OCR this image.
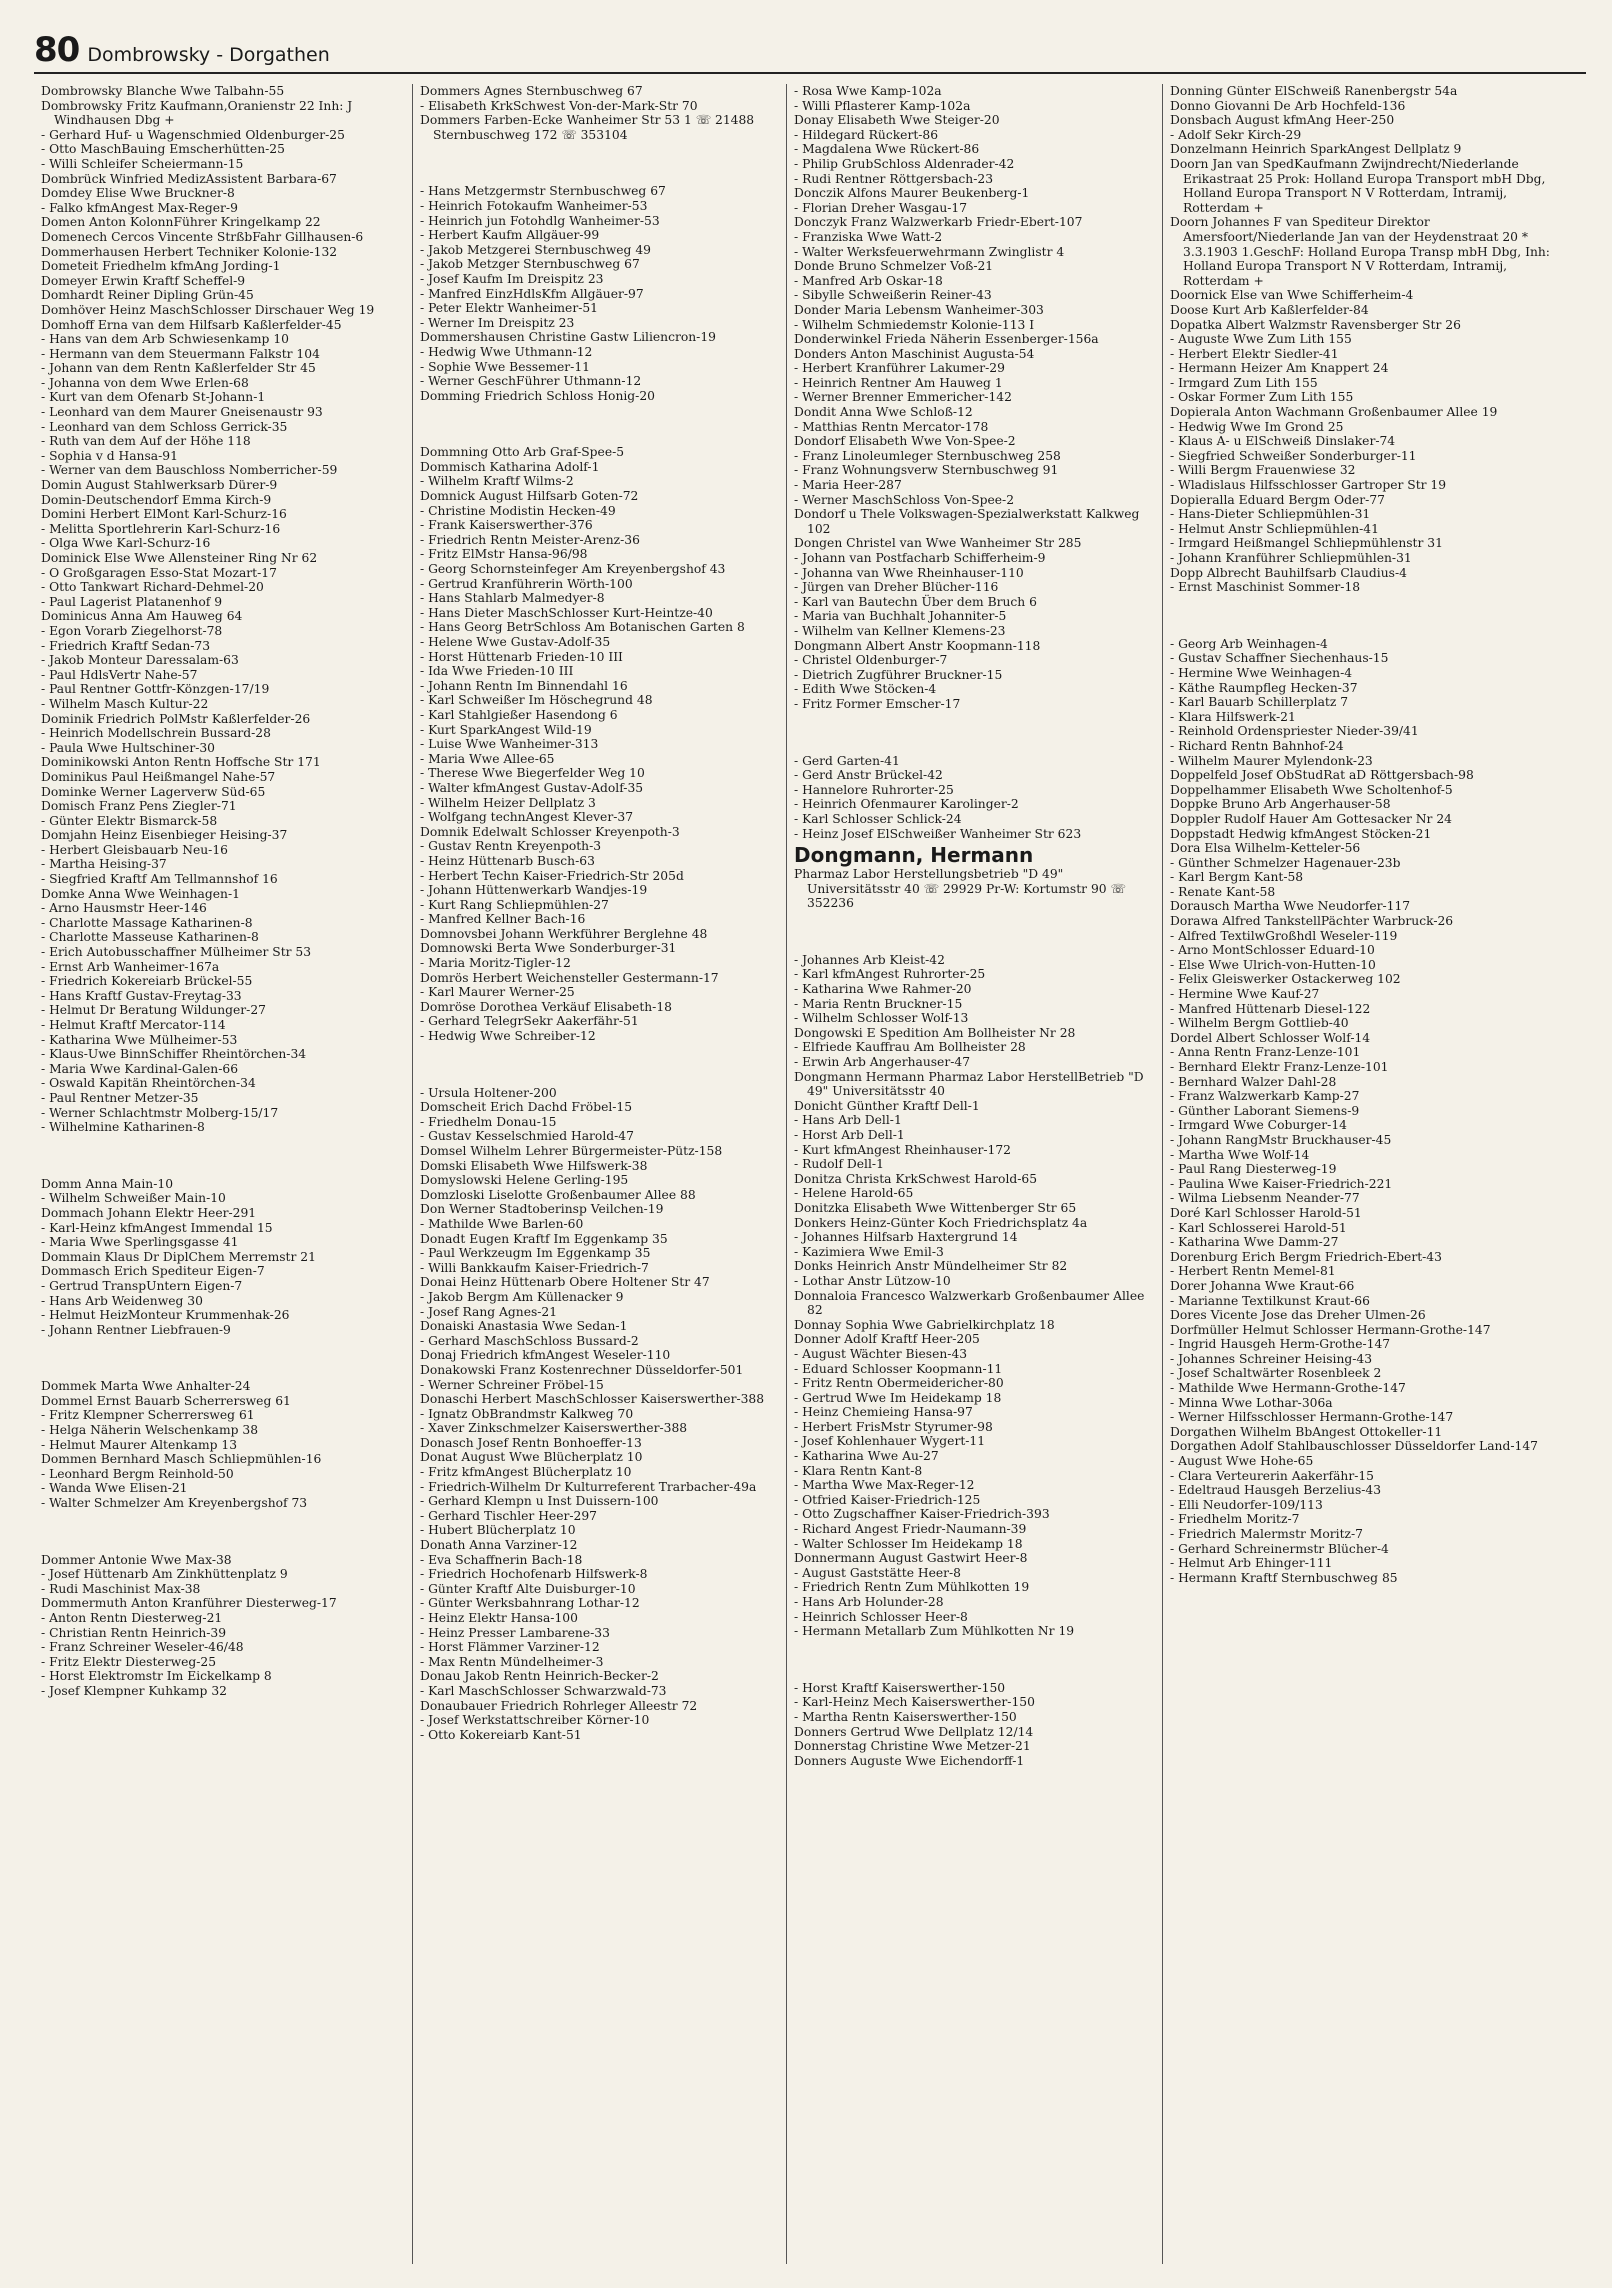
80 Dombrowsky - Dorgathen

Dombrowsky Blanche Wwe Talbahn-55

Dombrowsky Fritz Kaufmann,Oranienstr 22 Inh: J Windhausen Dbg +

- Gerhard Huf- u Wagenschmied Oldenburger-25

- Otto MaschBauing Emscherhütten-25

- Willi Schleifer Scheiermann-15

Dombrück Winfried MedizAssistent Barbara-67

Domdey Elise Wwe Bruckner-8

- Falko kfmAngest Max-Reger-9

Domen Anton KolonnFührer Kringelkamp 22

Domenech Cercos Vincente StrßbFahr Gillhausen-6

Dommerhausen Herbert Techniker Kolonie-132

Dometeit Friedhelm kfmAng Jording-1

Domeyer Erwin Kraftf Scheffel-9

Domhardt Reiner Dipling Grün-45

Domhöver Heinz MaschSchlosser Dirschauer Weg 19

Domhoff Erna van dem Hilfsarb Kaßlerfelder-45

- Hans van dem Arb Schwiesenkamp 10

- Hermann van dem Steuermann Falkstr 104

- Johann van dem Rentn Kaßlerfelder Str 45

- Johanna von dem Wwe Erlen-68

- Kurt van dem Ofenarb St-Johann-1

- Leonhard van dem Maurer Gneisenaustr 93

- Leonhard van dem Schloss Gerrick-35

- Ruth van dem Auf der Höhe 118

- Sophia v d Hansa-91

- Werner van dem Bauschloss Nomberricher-59

Domin August Stahlwerksarb Dürer-9

Domin-Deutschendorf Emma Kirch-9

Domini Herbert ElMont Karl-Schurz-16

- Melitta Sportlehrerin Karl-Schurz-16

- Olga Wwe Karl-Schurz-16

Dominick Else Wwe Allensteiner Ring Nr 62

- O Großgaragen Esso-Stat Mozart-17

- Otto Tankwart Richard-Dehmel-20

- Paul Lagerist Platanenhof 9

Dominicus Anna Am Hauweg 64

- Egon Vorarb Ziegelhorst-78

- Friedrich Kraftf Sedan-73

- Jakob Monteur Daressalam-63

- Paul HdlsVertr Nahe-57

- Paul Rentner Gottfr-Könzgen-17/19

- Wilhelm Masch Kultur-22

Dominik Friedrich PolMstr Kaßlerfelder-26

- Heinrich Modellschrein Bussard-28

- Paula Wwe Hultschiner-30

Dominikowski Anton Rentn Hoffsche Str 171

Dominikus Paul Heißmangel Nahe-57

Dominke Werner Lagerverw Süd-65

Domisch Franz Pens Ziegler-71

- Günter Elektr Bismarck-58

Domjahn Heinz Eisenbieger Heising-37

- Herbert Gleisbauarb Neu-16

- Martha Heising-37

- Siegfried Kraftf Am Tellmannshof 16

Domke Anna Wwe Weinhagen-1

- Arno Hausmstr Heer-146

- Charlotte Massage Katharinen-8

- Charlotte Masseuse Katharinen-8

- Erich Autobusschaffner Mülheimer Str 53

- Ernst Arb Wanheimer-167a

- Friedrich Kokereiarb Brückel-55

- Hans Kraftf Gustav-Freytag-33

- Helmut Dr Beratung Wildunger-27

- Helmut Kraftf Mercator-114

- Katharina Wwe Mülheimer-53

- Klaus-Uwe BinnSchiffer Rheintörchen-34

- Maria Wwe Kardinal-Galen-66

- Oswald Kapitän Rheintörchen-34

- Paul Rentner Metzer-35

- Werner Schlachtmstr Molberg-15/17

- Wilhelmine Katharinen-8

Domm Anna Main-10

- Wilhelm Schweißer Main-10

Dommach Johann Elektr Heer-291

- Karl-Heinz kfmAngest Immendal 15

- Maria Wwe Sperlingsgasse 41

Dommain Klaus Dr DiplChem Merremstr 21

Dommasch Erich Spediteur Eigen-7

- Gertrud TranspUntern Eigen-7

- Hans Arb Weidenweg 30

- Helmut HeizMonteur Krummenhak-26

- Johann Rentner Liebfrauen-9

Dommek Marta Wwe Anhalter-24

Dommel Ernst Bauarb Scherrersweg 61

- Fritz Klempner Scherrersweg 61

- Helga Näherin Welschenkamp 38

- Helmut Maurer Altenkamp 13

Dommen Bernhard Masch Schliepmühlen-16

- Leonhard Bergm Reinhold-50

- Wanda Wwe Elisen-21

- Walter Schmelzer Am Kreyenbergshof 73

Dommer Antonie Wwe Max-38

- Josef Hüttenarb Am Zinkhüttenplatz 9

- Rudi Maschinist Max-38

Dommermuth Anton Kranführer Diesterweg-17

- Anton Rentn Diesterweg-21

- Christian Rentn Heinrich-39

- Franz Schreiner Weseler-46/48

- Fritz Elektr Diesterweg-25

- Horst Elektromstr Im Eickelkamp 8

- Josef Klempner Kuhkamp 32

Dommers Agnes Sternbuschweg 67

- Elisabeth KrkSchwest Von-der-Mark-Str 70

Dommers Farben-Ecke Wanheimer Str 53 1 ☏ 21488 Sternbuschweg 172 ☏ 353104

- Hans Metzgermstr Sternbuschweg 67

- Heinrich Fotokaufm Wanheimer-53

- Heinrich jun Fotohdlg Wanheimer-53

- Herbert Kaufm Allgäuer-99

- Jakob Metzgerei Sternbuschweg 49

- Jakob Metzger Sternbuschweg 67

- Josef Kaufm Im Dreispitz 23

- Manfred EinzHdlsKfm Allgäuer-97

- Peter Elektr Wanheimer-51

- Werner Im Dreispitz 23

Dommershausen Christine Gastw Liliencron-19

- Hedwig Wwe Uthmann-12

- Sophie Wwe Bessemer-11

- Werner GeschFührer Uthmann-12

Domming Friedrich Schloss Honig-20

Dommning Otto Arb Graf-Spee-5

Dommisch Katharina Adolf-1

- Wilhelm Kraftf Wilms-2

Domnick August Hilfsarb Goten-72

- Christine Modistin Hecken-49

- Frank Kaiserswerther-376

- Friedrich Rentn Meister-Arenz-36

- Fritz ElMstr Hansa-96/98

- Georg Schornsteinfeger Am Kreyenbergshof 43

- Gertrud Kranführerin Wörth-100

- Hans Stahlarb Malmedyer-8

- Hans Dieter MaschSchlosser Kurt-Heintze-40

- Hans Georg BetrSchloss Am Botanischen Garten 8

- Helene Wwe Gustav-Adolf-35

- Horst Hüttenarb Frieden-10 III

- Ida Wwe Frieden-10 III

- Johann Rentn Im Binnendahl 16

- Karl Schweißer Im Höschegrund 48

- Karl Stahlgießer Hasendong 6

- Kurt SparkAngest Wild-19

- Luise Wwe Wanheimer-313

- Maria Wwe Allee-65

- Therese Wwe Biegerfelder Weg 10

- Walter kfmAngest Gustav-Adolf-35

- Wilhelm Heizer Dellplatz 3

- Wolfgang technAngest Klever-37

Domnik Edelwalt Schlosser Kreyenpoth-3

- Gustav Rentn Kreyenpoth-3

- Heinz Hüttenarb Busch-63

- Herbert Techn Kaiser-Friedrich-Str 205d

- Johann Hüttenwerkarb Wandjes-19

- Kurt Rang Schliepmühlen-27

- Manfred Kellner Bach-16

Domnovsbei Johann Werkführer Berglehne 48

Domnowski Berta Wwe Sonderburger-31

- Maria Moritz-Tigler-12

Domrös Herbert Weichensteller Gestermann-17

- Karl Maurer Werner-25

Domröse Dorothea Verkäuf Elisabeth-18

- Gerhard TelegrSekr Aakerfähr-51

- Hedwig Wwe Schreiber-12

- Ursula Holtener-200

Domscheit Erich Dachd Fröbel-15

- Friedhelm Donau-15

- Gustav Kesselschmied Harold-47

Domsel Wilhelm Lehrer Bürgermeister-Pütz-158

Domski Elisabeth Wwe Hilfswerk-38

Domyslowski Helene Gerling-195

Domzloski Liselotte Großenbaumer Allee 88

Don Werner Stadtoberinsp Veilchen-19

- Mathilde Wwe Barlen-60

Donadt Eugen Kraftf Im Eggenkamp 35

- Paul Werkzeugm Im Eggenkamp 35

- Willi Bankkaufm Kaiser-Friedrich-7

Donai Heinz Hüttenarb Obere Holtener Str 47

- Jakob Bergm Am Küllenacker 9

- Josef Rang Agnes-21

Donaiski Anastasia Wwe Sedan-1

- Gerhard MaschSchloss Bussard-2

Donaj Friedrich kfmAngest Weseler-110

Donakowski Franz Kostenrechner Düsseldorfer-501

- Werner Schreiner Fröbel-15

Donaschi Herbert MaschSchlosser Kaiserswerther-388

- Ignatz ObBrandmstr Kalkweg 70

- Xaver Zinkschmelzer Kaiserswerther-388

Donasch Josef Rentn Bonhoeffer-13

Donat August Wwe Blücherplatz 10

- Fritz kfmAngest Blücherplatz 10

- Friedrich-Wilhelm Dr Kulturreferent Trarbacher-49a

- Gerhard Klempn u Inst Duissern-100

- Gerhard Tischler Heer-297

- Hubert Blücherplatz 10

Donath Anna Varziner-12

- Eva Schaffnerin Bach-18

- Friedrich Hochofenarb Hilfswerk-8

- Günter Kraftf Alte Duisburger-10

- Günter Werksbahnrang Lothar-12

- Heinz Elektr Hansa-100

- Heinz Presser Lambarene-33

- Horst Flämmer Varziner-12

- Max Rentn Mündelheimer-3

Donau Jakob Rentn Heinrich-Becker-2

- Karl MaschSchlosser Schwarzwald-73

Donaubauer Friedrich Rohrleger Alleestr 72

- Josef Werkstattschreiber Körner-10

- Otto Kokereiarb Kant-51

- Rosa Wwe Kamp-102a

- Willi Pflasterer Kamp-102a

Donay Elisabeth Wwe Steiger-20

- Hildegard Rückert-86

- Magdalena Wwe Rückert-86

- Philip GrubSchloss Aldenrader-42

- Rudi Rentner Röttgersbach-23

Donczik Alfons Maurer Beukenberg-1

- Florian Dreher Wasgau-17

Donczyk Franz Walzwerkarb Friedr-Ebert-107

- Franziska Wwe Watt-2

- Walter Werksfeuerwehrmann Zwinglistr 4

Donde Bruno Schmelzer Voß-21

- Manfred Arb Oskar-18

- Sibylle Schweißerin Reiner-43

Donder Maria Lebensm Wanheimer-303

- Wilhelm Schmiedemstr Kolonie-113 I

Donderwinkel Frieda Näherin Essenberger-156a

Donders Anton Maschinist Augusta-54

- Herbert Kranführer Lakumer-29

- Heinrich Rentner Am Hauweg 1

- Werner Brenner Emmericher-142

Dondit Anna Wwe Schloß-12

- Matthias Rentn Mercator-178

Dondorf Elisabeth Wwe Von-Spee-2

- Franz Linoleumleger Sternbuschweg 258

- Franz Wohnungsverw Sternbuschweg 91

- Maria Heer-287

- Werner MaschSchloss Von-Spee-2

Dondorf u Thele Volkswagen-Spezialwerkstatt Kalkweg 102

Dongen Christel van Wwe Wanheimer Str 285

- Johann van Postfacharb Schifferheim-9

- Johanna van Wwe Rheinhauser-110

- Jürgen van Dreher Blücher-116

- Karl van Bautechn Über dem Bruch 6

- Maria van Buchhalt Johanniter-5

- Wilhelm van Kellner Klemens-23

Dongmann Albert Anstr Koopmann-118

- Christel Oldenburger-7

- Dietrich Zugführer Bruckner-15

- Edith Wwe Stöcken-4

- Fritz Former Emscher-17

- Gerd Garten-41

- Gerd Anstr Brückel-42

- Hannelore Ruhrorter-25

- Heinrich Ofenmaurer Karolinger-2

- Karl Schlosser Schlick-24

- Heinz Josef ElSchweißer Wanheimer Str 623

Dongmann, Hermann

Pharmaz Labor Herstellungsbetrieb "D 49" Universitätsstr 40 ☏ 29929 Pr-W: Kortumstr 90 ☏ 352236

- Johannes Arb Kleist-42

- Karl kfmAngest Ruhrorter-25

- Katharina Wwe Rahmer-20

- Maria Rentn Bruckner-15

- Wilhelm Schlosser Wolf-13

Dongowski E Spedition Am Bollheister Nr 28

- Elfriede Kauffrau Am Bollheister 28

- Erwin Arb Angerhauser-47

Dongmann Hermann Pharmaz Labor HerstellBetrieb "D 49" Universitätsstr 40

Donicht Günther Kraftf Dell-1

- Hans Arb Dell-1

- Horst Arb Dell-1

- Kurt kfmAngest Rheinhauser-172

- Rudolf Dell-1

Donitza Christa KrkSchwest Harold-65

- Helene Harold-65

Donitzka Elisabeth Wwe Wittenberger Str 65

Donkers Heinz-Günter Koch Friedrichsplatz 4a

- Johannes Hilfsarb Haxtergrund 14

- Kazimiera Wwe Emil-3

Donks Heinrich Anstr Mündelheimer Str 82

- Lothar Anstr Lützow-10

Donnaloia Francesco Walzwerkarb Großenbaumer Allee 82

Donnay Sophia Wwe Gabrielkirchplatz 18

Donner Adolf Kraftf Heer-205

- August Wächter Biesen-43

- Eduard Schlosser Koopmann-11

- Fritz Rentn Obermeidericher-80

- Gertrud Wwe Im Heidekamp 18

- Heinz Chemieing Hansa-97

- Herbert FrisMstr Styrumer-98

- Josef Kohlenhauer Wygert-11

- Katharina Wwe Au-27

- Klara Rentn Kant-8

- Martha Wwe Max-Reger-12

- Otfried Kaiser-Friedrich-125

- Otto Zugschaffner Kaiser-Friedrich-393

- Richard Angest Friedr-Naumann-39

- Walter Schlosser Im Heidekamp 18

Donnermann August Gastwirt Heer-8

- August Gaststätte Heer-8

- Friedrich Rentn Zum Mühlkotten 19

- Hans Arb Holunder-28

- Heinrich Schlosser Heer-8

- Hermann Metallarb Zum Mühlkotten Nr 19

- Horst Kraftf Kaiserswerther-150

- Karl-Heinz Mech Kaiserswerther-150

- Martha Rentn Kaiserswerther-150

Donners Gertrud Wwe Dellplatz 12/14

Donnerstag Christine Wwe Metzer-21

Donners Auguste Wwe Eichendorff-1

Donning Günter ElSchweiß Ranenbergstr 54a

Donno Giovanni De Arb Hochfeld-136

Donsbach August kfmAng Heer-250

- Adolf Sekr Kirch-29

Donzelmann Heinrich SparkAngest Dellplatz 9

Doorn Jan van SpedKaufmann Zwijndrecht/Niederlande Erikastraat 25 Prok: Holland Europa Transport mbH Dbg, Holland Europa Transport N V Rotterdam, Intramij, Rotterdam +

Doorn Johannes F van Spediteur Direktor Amersfoort/Niederlande Jan van der Heydenstraat 20 * 3.3.1903 1.GeschF: Holland Europa Transp mbH Dbg, Inh: Holland Europa Transport N V Rotterdam, Intramij, Rotterdam +

Doornick Else van Wwe Schifferheim-4

Doose Kurt Arb Kaßlerfelder-84

Dopatka Albert Walzmstr Ravensberger Str 26

- Auguste Wwe Zum Lith 155

- Herbert Elektr Siedler-41

- Hermann Heizer Am Knappert 24

- Irmgard Zum Lith 155

- Oskar Former Zum Lith 155

Dopierala Anton Wachmann Großenbaumer Allee 19

- Hedwig Wwe Im Grond 25

- Klaus A- u ElSchweiß Dinslaker-74

- Siegfried Schweißer Sonderburger-11

- Willi Bergm Frauenwiese 32

- Wladislaus Hilfsschlosser Gartroper Str 19

Dopieralla Eduard Bergm Oder-77

- Hans-Dieter Schliepmühlen-31

- Helmut Anstr Schliepmühlen-41

- Irmgard Heißmangel Schliepmühlenstr 31

- Johann Kranführer Schliepmühlen-31

Dopp Albrecht Bauhilfsarb Claudius-4

- Ernst Maschinist Sommer-18

- Georg Arb Weinhagen-4

- Gustav Schaffner Siechenhaus-15

- Hermine Wwe Weinhagen-4

- Käthe Raumpfleg Hecken-37

- Karl Bauarb Schillerplatz 7

- Klara Hilfswerk-21

- Reinhold Ordenspriester Nieder-39/41

- Richard Rentn Bahnhof-24

- Wilhelm Maurer Mylendonk-23

Doppelfeld Josef ObStudRat aD Röttgersbach-98

Doppelhammer Elisabeth Wwe Scholtenhof-5

Doppke Bruno Arb Angerhauser-58

Doppler Rudolf Hauer Am Gottesacker Nr 24

Doppstadt Hedwig kfmAngest Stöcken-21

Dora Elsa Wilhelm-Ketteler-56

- Günther Schmelzer Hagenauer-23b

- Karl Bergm Kant-58

- Renate Kant-58

Dorausch Martha Wwe Neudorfer-117

Dorawa Alfred TankstellPächter Warbruck-26

- Alfred TextilwGroßhdl Weseler-119

- Arno MontSchlosser Eduard-10

- Else Wwe Ulrich-von-Hutten-10

- Felix Gleiswerker Ostackerweg 102

- Hermine Wwe Kauf-27

- Manfred Hüttenarb Diesel-122

- Wilhelm Bergm Gottlieb-40

Dordel Albert Schlosser Wolf-14

- Anna Rentn Franz-Lenze-101

- Bernhard Elektr Franz-Lenze-101

- Bernhard Walzer Dahl-28

- Franz Walzwerkarb Kamp-27

- Günther Laborant Siemens-9

- Irmgard Wwe Coburger-14

- Johann RangMstr Bruckhauser-45

- Martha Wwe Wolf-14

- Paul Rang Diesterweg-19

- Paulina Wwe Kaiser-Friedrich-221

- Wilma Liebsenm Neander-77

Doré Karl Schlosser Harold-51

- Karl Schlosserei Harold-51

- Katharina Wwe Damm-27

Dorenburg Erich Bergm Friedrich-Ebert-43

- Herbert Rentn Memel-81

Dorer Johanna Wwe Kraut-66

- Marianne Textilkunst Kraut-66

Dores Vicente Jose das Dreher Ulmen-26

Dorfmüller Helmut Schlosser Hermann-Grothe-147

- Ingrid Hausgeh Herm-Grothe-147

- Johannes Schreiner Heising-43

- Josef Schaltwärter Rosenbleek 2

- Mathilde Wwe Hermann-Grothe-147

- Minna Wwe Lothar-306a

- Werner Hilfsschlosser Hermann-Grothe-147

Dorgathen Wilhelm BbAngest Ottokeller-11

Dorgathen Adolf Stahlbauschlosser Düsseldorfer Land-147

- August Wwe Hohe-65

- Clara Verteurerin Aakerfähr-15

- Edeltraud Hausgeh Berzelius-43

- Elli Neudorfer-109/113

- Friedhelm Moritz-7

- Friedrich Malermstr Moritz-7

- Gerhard Schreinermstr Blücher-4

- Helmut Arb Ehinger-111

- Hermann Kraftf Sternbuschweg 85
